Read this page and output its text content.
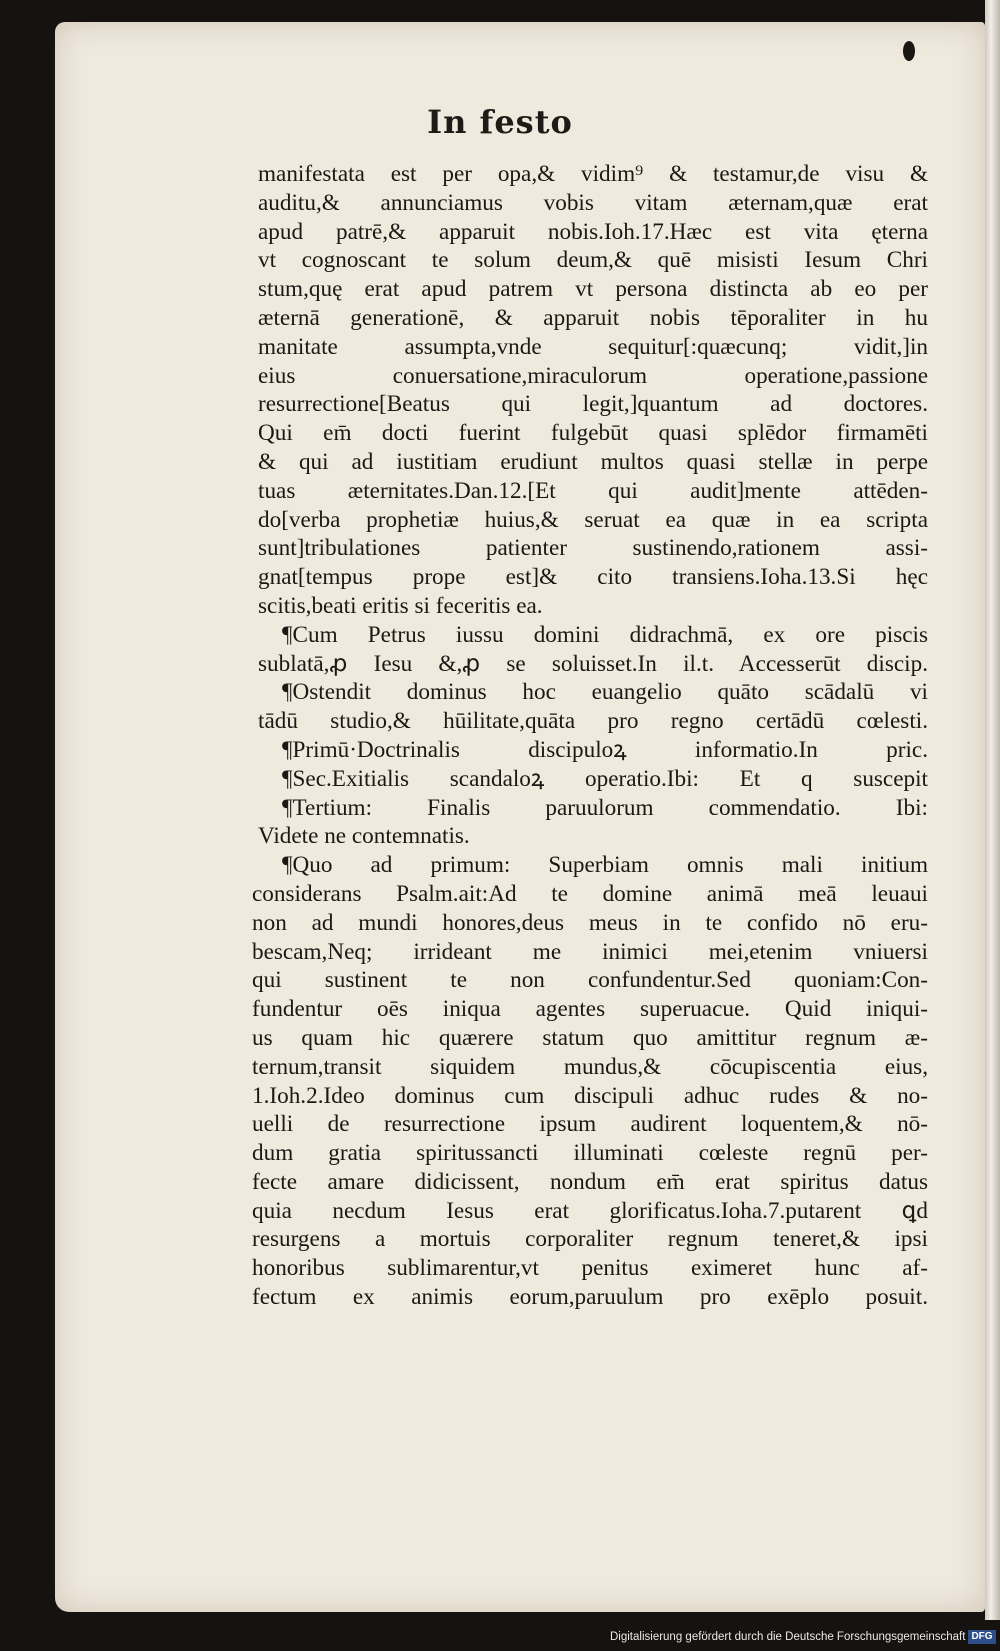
In festo
manifestata est per opa,& vidim⁹ & testamur,de visu &
auditu,& annunciamus vobis vitam æternam,quæ erat
apud patrē,& apparuit nobis.Ioh.17.Hæc est vita ęterna
vt cognoscant te solum deum,& quē misisti Iesum Chri
stum,quę erat apud patrem vt persona distincta ab eo per
æternā generationē, & apparuit nobis tēporaliter in hu
manitate assumpta,vnde sequitur[:quæcunq; vidit,]in
eius conuersatione,miraculorum operatione,passione
resurrectione[Beatus qui legit,]quantum ad doctores.
Qui em̄ docti fuerint fulgebūt quasi splēdor firmamēti
& qui ad iustitiam erudiunt multos quasi stellæ in perpe
tuas æternitates.Dan.12.[Et qui audit]mente attēden-
do[verba prophetiæ huius,& seruat ea quæ in ea scripta
sunt]tribulationes patienter sustinendo,rationem assi-
gnat[tempus prope est]& cito transiens.Ioha.13.Si hęc
scitis,beati eritis si feceritis ea.
¶Cum Petrus iussu domini didrachmā, ex ore piscis
sublatā,ꝓ Iesu &,ꝓ se soluisset.In il.t. Accesserūt discip.
¶Ostendit dominus hoc euangelio quāto scādalū vi
tādū studio,& hūilitate,quāta pro regno certādū cœlesti.
¶Primū·Doctrinalis discipuloꝝ informatio.In pric.
¶Sec.Exitialis scandaloꝝ operatio.Ibi: Et q suscepit
¶Tertium: Finalis paruulorum commendatio. Ibi:
Videte ne contemnatis.
¶Quo ad primum: Superbiam omnis mali initium
considerans Psalm.ait:Ad te domine animā meā leuaui
non ad mundi honores,deus meus in te confido nō eru-
bescam,Neq; irrideant me inimici mei,etenim vniuersi
qui sustinent te non confundentur.Sed quoniam:Con-
fundentur oēs iniqua agentes superuacue. Quid iniqui-
us quam hic quærere statum quo amittitur regnum æ-
ternum,transit siquidem mundus,& cōcupiscentia eius,
1.Ioh.2.Ideo dominus cum discipuli adhuc rudes & no-
uelli de resurrectione ipsum audirent loquentem,& nō-
dum gratia spiritussancti illuminati cœleste regnū per-
fecte amare didicissent, nondum em̄ erat spiritus datus
quia necdum Iesus erat glorificatus.Ioha.7.putarent ꝗd
resurgens a mortuis corporaliter regnum teneret,& ipsi
honoribus sublimarentur,vt penitus eximeret hunc af-
fectum ex animis eorum,paruulum pro exēplo posuit.
Digitalisierung gefördert durch die Deutsche Forschungsgemeinschaft DFG
